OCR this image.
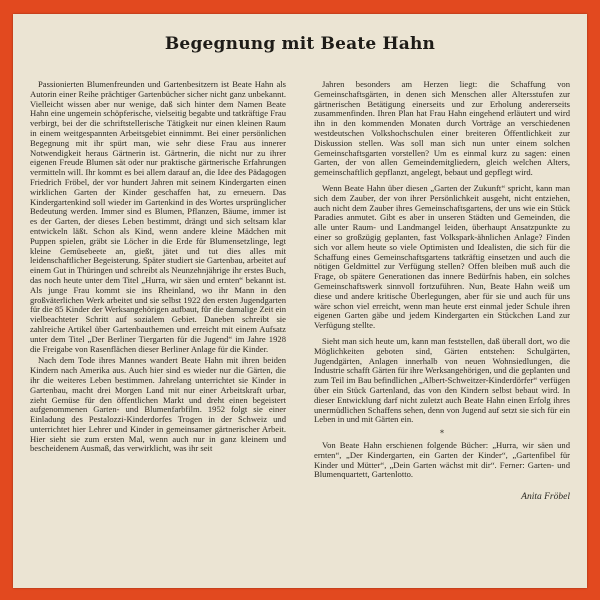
Begegnung mit Beate Hahn

Passionierten Blumenfreunden und Gartenbesitzern ist Beate Hahn als Autorin einer Reihe prächtiger Gartenbücher sicher nicht ganz unbekannt. Vielleicht wissen aber nur wenige, daß sich hinter dem Namen Beate Hahn eine ungemein schöpferische, vielseitig begabte und tatkräftige Frau verbirgt, bei der die schriftstellerische Tätigkeit nur einen kleinen Raum in einem weitgespannten Arbeitsgebiet einnimmt. Bei einer persönlichen Begegnung mit ihr spürt man, wie sehr diese Frau aus innerer Notwendigkeit heraus Gärtnerin ist. Gärtnerin, die nicht nur zu ihrer eigenen Freude Blumen sät oder nur praktische gärtnerische Erfahrungen vermitteln will. Ihr kommt es bei allem darauf an, die Idee des Pädagogen Friedrich Fröbel, der vor hundert Jahren mit seinem Kindergarten einen wirklichen Garten der Kinder geschaffen hat, zu erneuern. Das Kindergartenkind soll wieder im Gartenkind in des Wortes ursprünglicher Bedeutung werden. Immer sind es Blumen, Pflanzen, Bäume, immer ist es der Garten, der dieses Leben bestimmt, drängt und sich seltsam klar entwickeln läßt. Schon als Kind, wenn andere kleine Mädchen mit Puppen spielen, gräbt sie Löcher in die Erde für Blumensetzlinge, legt kleine Gemüsebeete an, gießt, jätet und tut dies alles mit leidenschaftlicher Begeisterung. Später studiert sie Gartenbau, arbeitet auf einem Gut in Thüringen und schreibt als Neunzehnjährige ihr erstes Buch, das noch heute unter dem Titel „Hurra, wir säen und ernten“ bekannt ist. Als junge Frau kommt sie ins Rheinland, wo ihr Mann in den großväterlichen Werk arbeitet und sie selbst 1922 den ersten Jugendgarten für die 85 Kinder der Werksangehörigen aufbaut, für die damalige Zeit ein vielbeachteter Schritt auf sozialem Gebiet. Daneben schreibt sie zahlreiche Artikel über Gartenbauthemen und erreicht mit einem Aufsatz unter dem Titel „Der Berliner Tiergarten für die Jugend“ im Jahre 1928 die Freigabe von Rasenflächen dieser Berliner Anlage für die Kinder.

Nach dem Tode ihres Mannes wandert Beate Hahn mit ihren beiden Kindern nach Amerika aus. Auch hier sind es wieder nur die Gärten, die ihr die weiteres Leben bestimmen. Jahrelang unterrichtet sie Kinder in Gartenbau, macht drei Morgen Land mit nur einer Arbeitskraft urbar, zieht Gemüse für den öffentlichen Markt und dreht einen begeistert aufgenommenen Garten- und Blumenfarbfilm. 1952 folgt sie einer Einladung des Pestalozzi-Kinderdorfes Trogen in der Schweiz und unterrichtet hier Lehrer und Kinder in gemeinsamer gärtnerischer Arbeit. Hier sieht sie zum ersten Mal, wenn auch nur in ganz kleinem und bescheidenem Ausmaß, das verwirklicht, was ihr seit

Jahren besonders am Herzen liegt: die Schaffung von Gemeinschaftsgärten, in denen sich Menschen aller Altersstufen zur gärtnerischen Betätigung einerseits und zur Erholung andererseits zusammenfinden. Ihren Plan hat Frau Hahn eingehend erläutert und wird ihn in den kommenden Monaten durch Vorträge an verschiedenen westdeutschen Volkshochschulen einer breiteren Öffentlichkeit zur Diskussion stellen. Was soll man sich nun unter einem solchen Gemeinschaftsgarten vorstellen? Um es einmal kurz zu sagen: einen Garten, der von allen Gemeindemitgliedern, gleich welchen Alters, gemeinschaftlich gepflanzt, angelegt, bebaut und gepflegt wird.

Wenn Beate Hahn über diesen „Garten der Zukunft“ spricht, kann man sich dem Zauber, der von ihrer Persönlichkeit ausgeht, nicht entziehen, auch nicht dem Zauber ihres Gemeinschaftsgartens, der uns wie ein Stück Paradies anmutet. Gibt es aber in unseren Städten und Gemeinden, die alle unter Raum- und Landmangel leiden, überhaupt Ansatzpunkte zu einer so großzügig geplanten, fast Volkspark-ähnlichen Anlage? Finden sich vor allem heute so viele Optimisten und Idealisten, die sich für die Schaffung eines Gemeinschaftsgartens tatkräftig einsetzen und auch die nötigen Geldmittel zur Verfügung stellen? Offen bleiben muß auch die Frage, ob spätere Generationen das innere Bedürfnis haben, ein solches Gemeinschaftswerk sinnvoll fortzuführen. Nun, Beate Hahn weiß um diese und andere kritische Überlegungen, aber für sie und auch für uns wäre schon viel erreicht, wenn man heute erst einmal jeder Schule ihren eigenen Garten gäbe und jedem Kindergarten ein Stückchen Land zur Verfügung stellte.

Sieht man sich heute um, kann man feststellen, daß überall dort, wo die Möglichkeiten geboten sind, Gärten entstehen: Schulgärten, Jugendgärten, Anlagen innerhalb von neuen Wohnsiedlungen, die Industrie schafft Gärten für ihre Werksangehörigen, und die geplanten und zum Teil im Bau befindlichen „Albert-Schweitzer-Kinderdörfer“ verfügen über ein Stück Gartenland, das von den Kindern selbst bebaut wird. In dieser Entwicklung darf nicht zuletzt auch Beate Hahn einen Erfolg ihres unermüdlichen Schaffens sehen, denn von Jugend auf setzt sie sich für ein Leben in und mit Gärten ein.

*

Von Beate Hahn erschienen folgende Bücher: „Hurra, wir säen und ernten“, „Der Kindergarten, ein Garten der Kinder“, „Gartenfibel für Kinder und Mütter“, „Dein Garten wächst mit dir“. Ferner: Garten- und Blumenquartett, Gartenlotto.

Anita Fröbel
